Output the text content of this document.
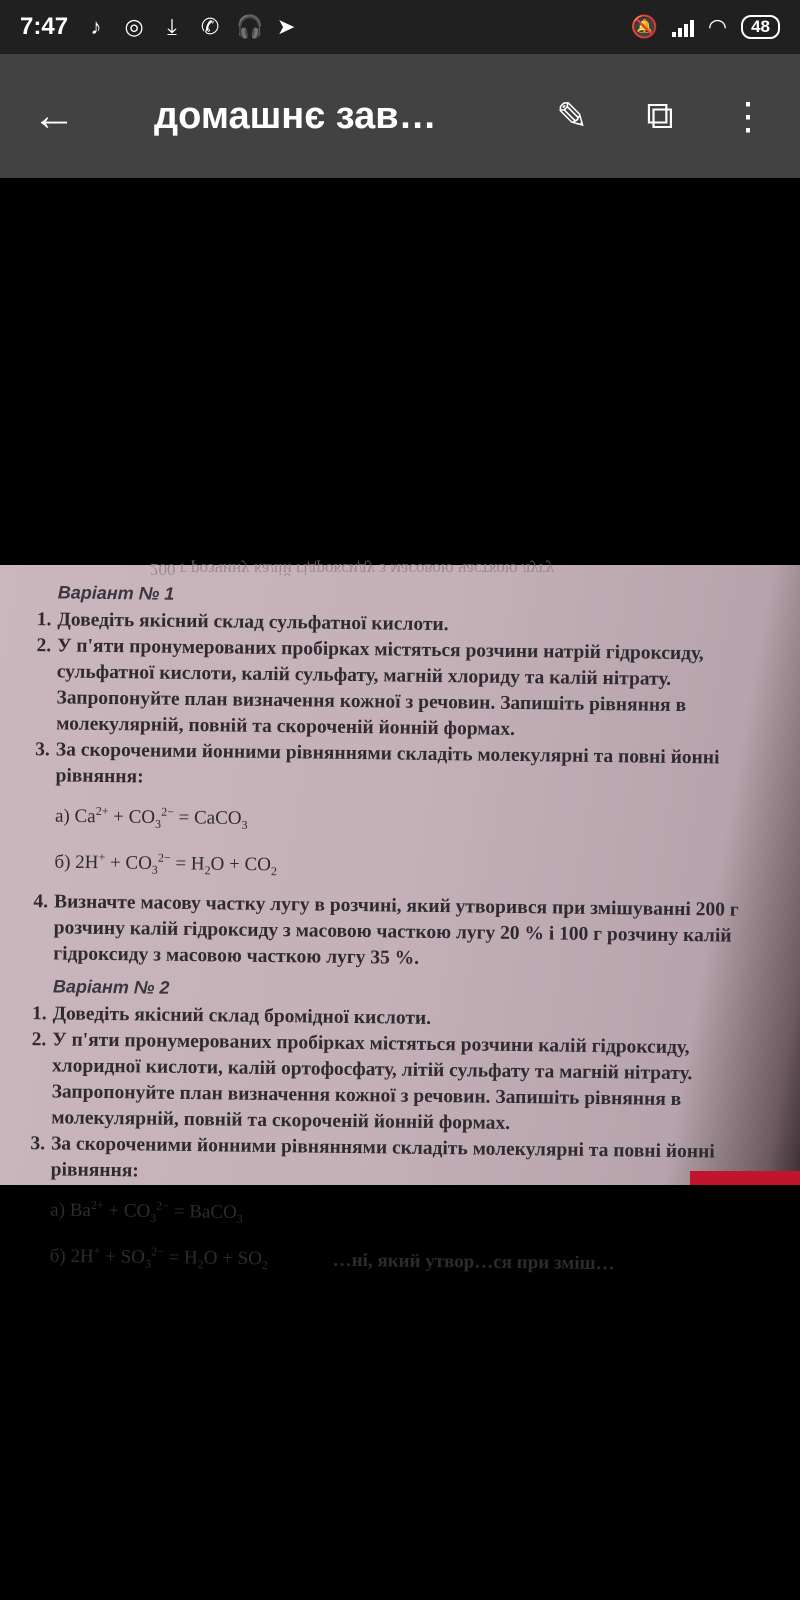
7:47 ♪ ◎	⤓	✆ 🎧 ➤	🔕 ◠	48
←	домашнє зав…	✎ ⧉ ⋮
200 г розчину калій гідроксиду з масовою часткою лугу
Варіант № 1
1. Доведіть якісний склад сульфатної кислоти.
2. У п'яти пронумерованих пробірках містяться розчини натрій гідроксиду, сульфатної кислоти, калій сульфату, магній хлориду та калій нітрату. Запропонуйте план визначення кожної з речовин. Запишіть рівняння в молекулярній, повній та скороченій йонній формах.
3. За скороченими йонними рівняннями складіть молекулярні та повні йонні рівняння:
а) $Ca^{2+} + CO_3^{2-}$ = CaCO$_3$
б) $2H^+ + CO_3^{2-} = H_2O + CO_2$
4. Визначте масову частку лугу в розчині, який утворився при змішуванні 200 г розчину калій гідроксиду з масовою часткою лугу 20 % і 100 г розчину калій гідроксиду з масовою часткою лугу 35 %.
Варіант № 2
1. Доведіть якісний склад бромідної кислоти.
2. У п'яти пронумерованих пробірках містяться розчини калій гідроксиду, хлоридної кислоти, калій ортофосфату, літій сульфату та магній нітрату. Запропонуйте план визначення кожної з речовин. Запишіть рівняння в молекулярній, повній та скороченій йонній формах.
3. За скороченими йонними рівняннями складіть молекулярні та повні йонні рівняння:
а) $Ba^{2+} + CO_3^{2-}$ = BaCO$_3$
б) $2H^+ + SO_3^{2-} = H_2O + SO_2$	…ні, який утвор…ся при зміш…
